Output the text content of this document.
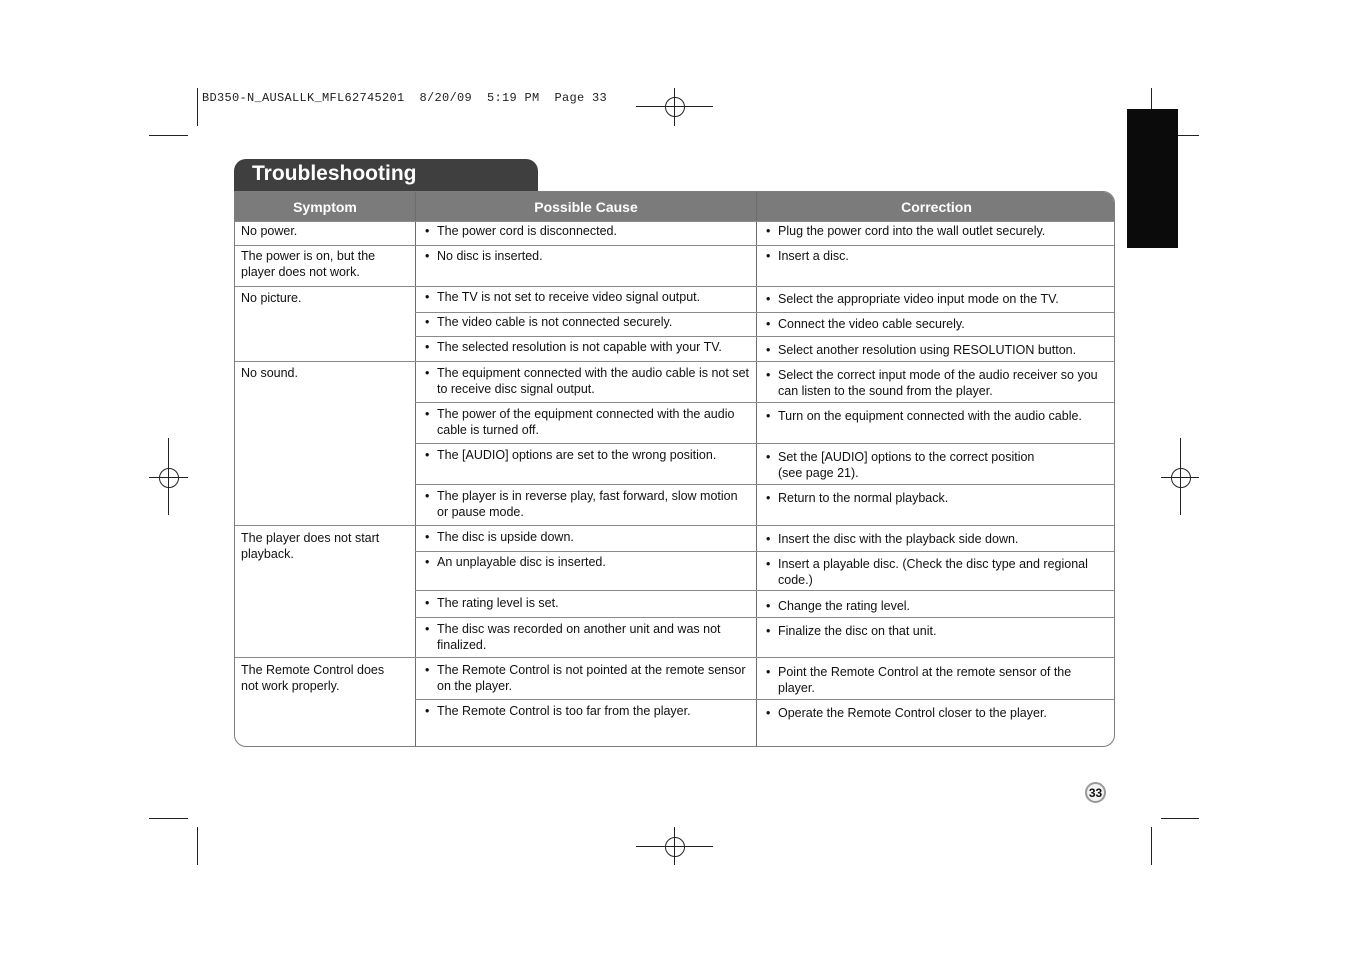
BD350-N_AUSALLK_MFL62745201  8/20/09  5:19 PM  Page 33
Troubleshooting
Symptom	Possible Cause	Correction
No power.
The power is on, but the player does not work.
No picture.
No sound.
The player does not start playback.
The Remote Control does not work properly.
• The power cord is disconnected.
• No disc is inserted.
• The TV is not set to receive video signal output.
• The video cable is not connected securely.
• The selected resolution is not capable with your TV.
• The equipment connected with the audio cable is not set to receive disc signal output.
• The power of the equipment connected with the audio cable is turned off.
• The [AUDIO] options are set to the wrong position.
• The player is in reverse play, fast forward, slow motion or pause mode.
• The disc is upside down.
• An unplayable disc is inserted.
• The rating level is set.
• The disc was recorded on another unit and was not finalized.
• The Remote Control is not pointed at the remote sensor on the player.
• The Remote Control is too far from the player.
• Plug the power cord into the wall outlet securely.
• Insert a disc.
• Select the appropriate video input mode on the TV.
• Connect the video cable securely.
• Select another resolution using RESOLUTION button.
• Select the correct input mode of the audio receiver so you can listen to the sound from the player.
• Turn on the equipment connected with the audio cable.
• Set the [AUDIO] options to the correct position (see page 21).
• Return to the normal playback.
• Insert the disc with the playback side down.
• Insert a playable disc. (Check the disc type and regional code.)
• Change the rating level.
• Finalize the disc on that unit.
• Point the Remote Control at the remote sensor of the player.
• Operate the Remote Control closer to the player.
33
